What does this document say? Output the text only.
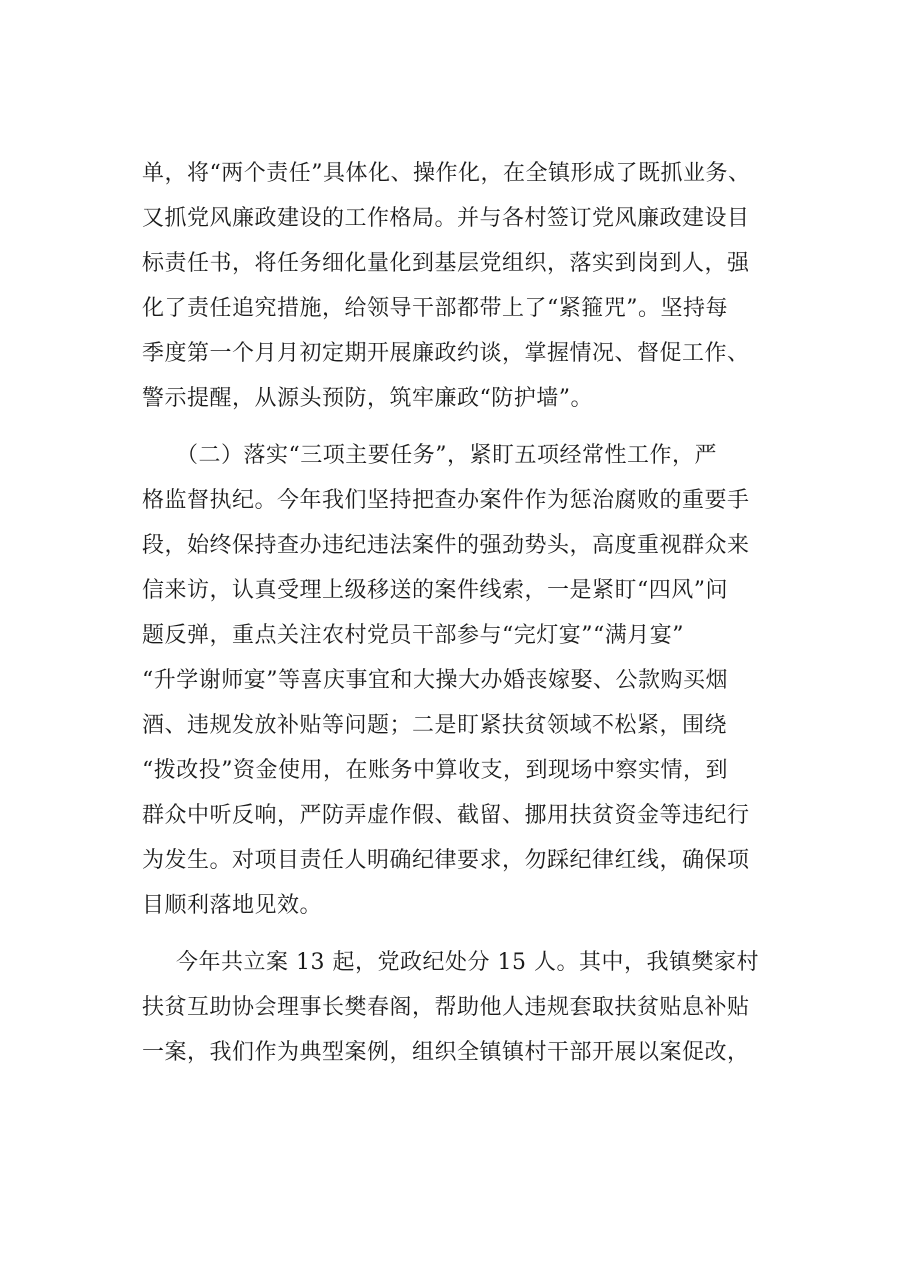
单，将“两个责任”具体化、操作化，在全镇形成了既抓业务、
又抓党风廉政建设的工作格局。并与各村签订党风廉政建设目
标责任书，将任务细化量化到基层党组织，落实到岗到人，强
化了责任追究措施，给领导干部都带上了“紧箍咒”。坚持每
季度第一个月月初定期开展廉政约谈，掌握情况、督促工作、
警示提醒，从源头预防，筑牢廉政“防护墙”。
（二）落实“三项主要任务”，紧盯五项经常性工作，严
格监督执纪。今年我们坚持把查办案件作为惩治腐败的重要手
段，始终保持查办违纪违法案件的强劲势头，高度重视群众来
信来访，认真受理上级移送的案件线索，一是紧盯“四风”问
题反弹，重点关注农村党员干部参与“完灯宴”“满月宴”
“升学谢师宴”等喜庆事宜和大操大办婚丧嫁娶、公款购买烟
酒、违规发放补贴等问题；二是盯紧扶贫领域不松紧，围绕
“拨改投”资金使用，在账务中算收支，到现场中察实情，到
群众中听反响，严防弄虚作假、截留、挪用扶贫资金等违纪行
为发生。对项目责任人明确纪律要求，勿踩纪律红线，确保项
目顺利落地见效。
今年共立案 13 起，党政纪处分 15 人。其中，我镇樊家村
扶贫互助协会理事长樊春阁，帮助他人违规套取扶贫贴息补贴
一案，我们作为典型案例，组织全镇镇村干部开展以案促改，
